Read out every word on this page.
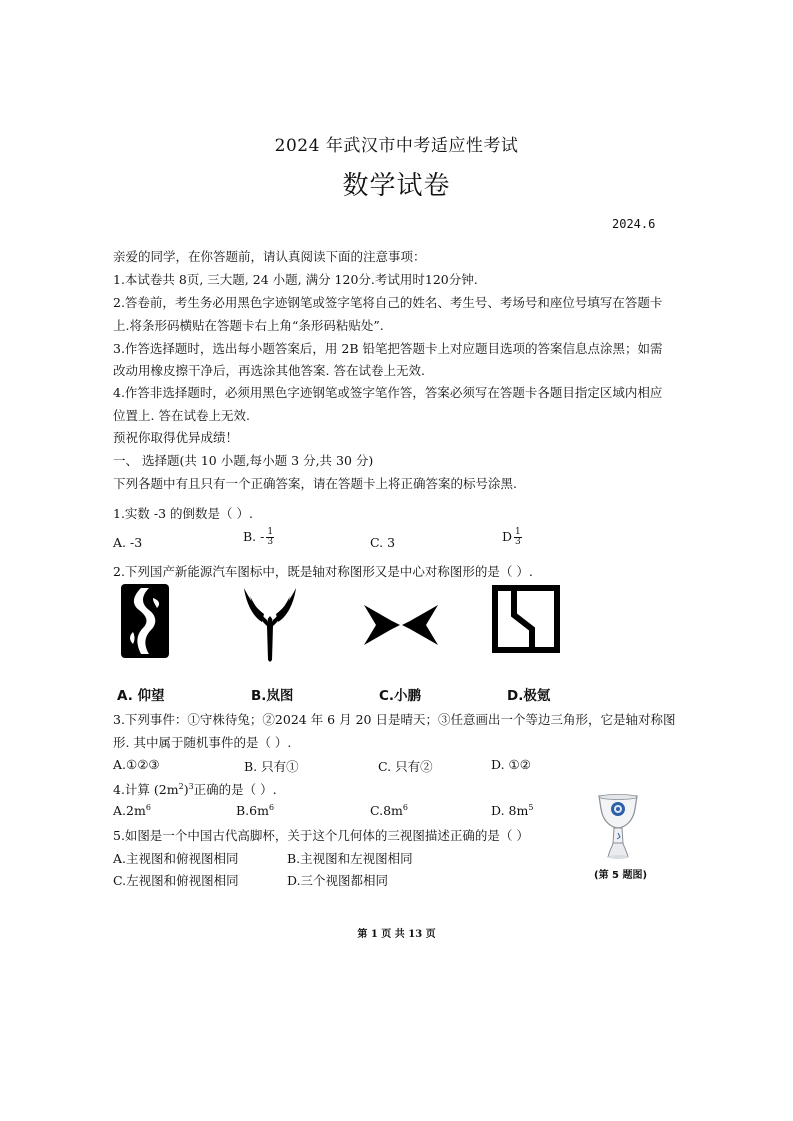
2024 年武汉市中考适应性考试
数学试卷
2024.6
亲爱的同学，在你答题前，请认真阅读下面的注意事项：
1.本试卷共 8页, 三大题, 24 小题, 满分 120分.考试用时120分钟.
2.答卷前，考生务必用黑色字迹钢笔或签字笔将自己的姓名、考生号、考场号和座位号填写在答题卡
上.将条形码横贴在答题卡右上角“条形码粘贴处”.
3.作答选择题时，选出每小题答案后，用 2B 铅笔把答题卡上对应题目选项的答案信息点涂黑；如需
改动用橡皮擦干净后，再选涂其他答案. 答在试卷上无效.
4.作答非选择题时，必须用黑色字迹钢笔或签字笔作答，答案必须写在答题卡各题目指定区域内相应
位置上. 答在试卷上无效.
预祝你取得优异成绩！
一、 选择题(共 10 小题,每小题 3 分,共 30 分)
下列各题中有且只有一个正确答案，请在答题卡上将正确答案的标号涂黑.
1.实数 -3 的倒数是（ ）.
A. -3	B. - $\frac{1}{3}$	C. 3	D $\frac{1}{3}$
2.下列国产新能源汽车图标中，既是轴对称图形又是中心对称图形的是（ ）.
A. 仰望	B.岚图	C.小鹏	D.极氪
3.下列事件：①守株待兔；②2024 年 6 月 20 日是晴天；③任意画出一个等边三角形，它是轴对称图
形. 其中属于随机事件的是（ ）.
A.①②③	B. 只有①	C. 只有②	D. ①②
4.计算 $(2m^2)^3$正确的是（ ）.
$A.2m^6$	$B.6m^6$	$C.8m^6$	D. $8m^5$
5.如图是一个中国古代高脚杯，关于这个几何体的三视图描述正确的是（ ）
A.主视图和俯视图相同	B.主视图和左视图相同
C.左视图和俯视图相同	D.三个视图都相同	(第 5 题图)
第 1 页 共 13 页
